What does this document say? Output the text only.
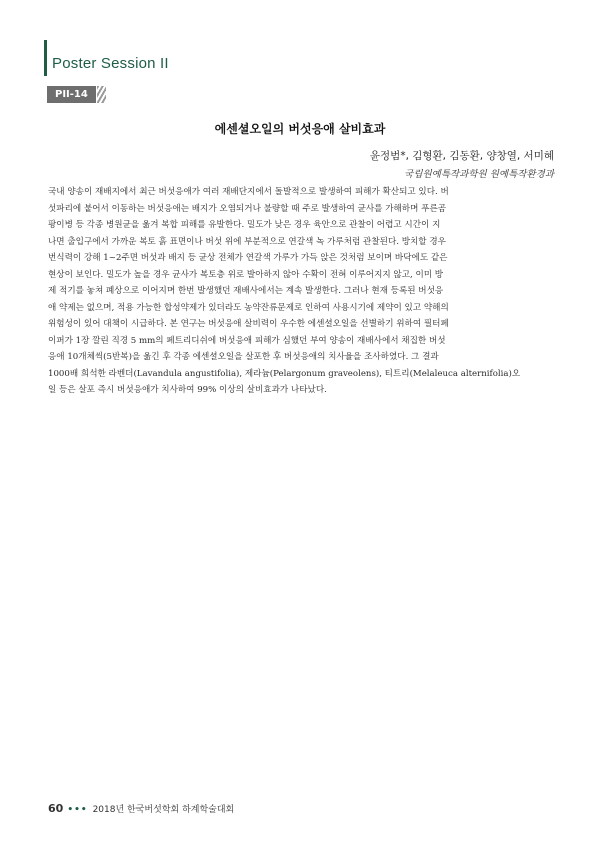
Poster Session II
PII-14
에센셜오일의 버섯응애 살비효과
윤정범*, 김형환, 김동환, 양창열, 서미혜
국립원예특작과학원 원예특작환경과
국내 양송이 재배지에서 최근 버섯응애가 여러 재배단지에서 돌발적으로 발생하여 피해가 확산되고 있다. 버
섯파리에 붙어서 이동하는 버섯응애는 배지가 오염되거나 불량할 때 주로 발생하여 균사를 가해하며 푸른곰
팡이병 등 각종 병원균을 옮겨 복합 피해를 유발한다. 밀도가 낮은 경우 육안으로 관찰이 어렵고 시간이 지
나면 출입구에서 가까운 복토 흙 표면이나 버섯 위에 부분적으로 연갈색 녹 가루처럼 관찰된다. 방치할 경우
번식력이 강해 1~2주면 버섯과 배지 등 균상 전체가 연갈색 가루가 가득 앉은 것처럼 보이며 바닥에도 같은
현상이 보인다. 밀도가 높을 경우 균사가 복토층 위로 발아하지 않아 수확이 전혀 이루어지지 않고, 이미 방
제 적기를 놓쳐 폐상으로 이어지며 한번 발생했던 재배사에서는 계속 발생한다. 그러나 현재 등록된 버섯응
애 약제는 없으며, 적용 가능한 합성약제가 있더라도 농약잔류문제로 인하여 사용시기에 제약이 있고 약해의
위험성이 있어 대책이 시급하다. 본 연구는 버섯응애 살비력이 우수한 에센셜오일을 선별하기 위하여 필터페
이퍼가 1장 깔린 직경 5 mm의 페트리디쉬에 버섯응애 피해가 심했던 부여 양송이 재배사에서 채집한 버섯
응애 10개체씩(5반복)을 옮긴 후 각종 에센셜오일을 살포한 후 버섯응애의 치사율을 조사하였다. 그 결과
1000배 희석한 라벤더(Lavandula angustifolia), 제라늄(Pelargonum graveolens), 티트리(Melaleuca alternifolia)오
일 등은 살포 즉시 버섯응애가 치사하여 99% 이상의 살비효과가 나타났다.
60 ••• 2018년 한국버섯학회 하계학술대회
